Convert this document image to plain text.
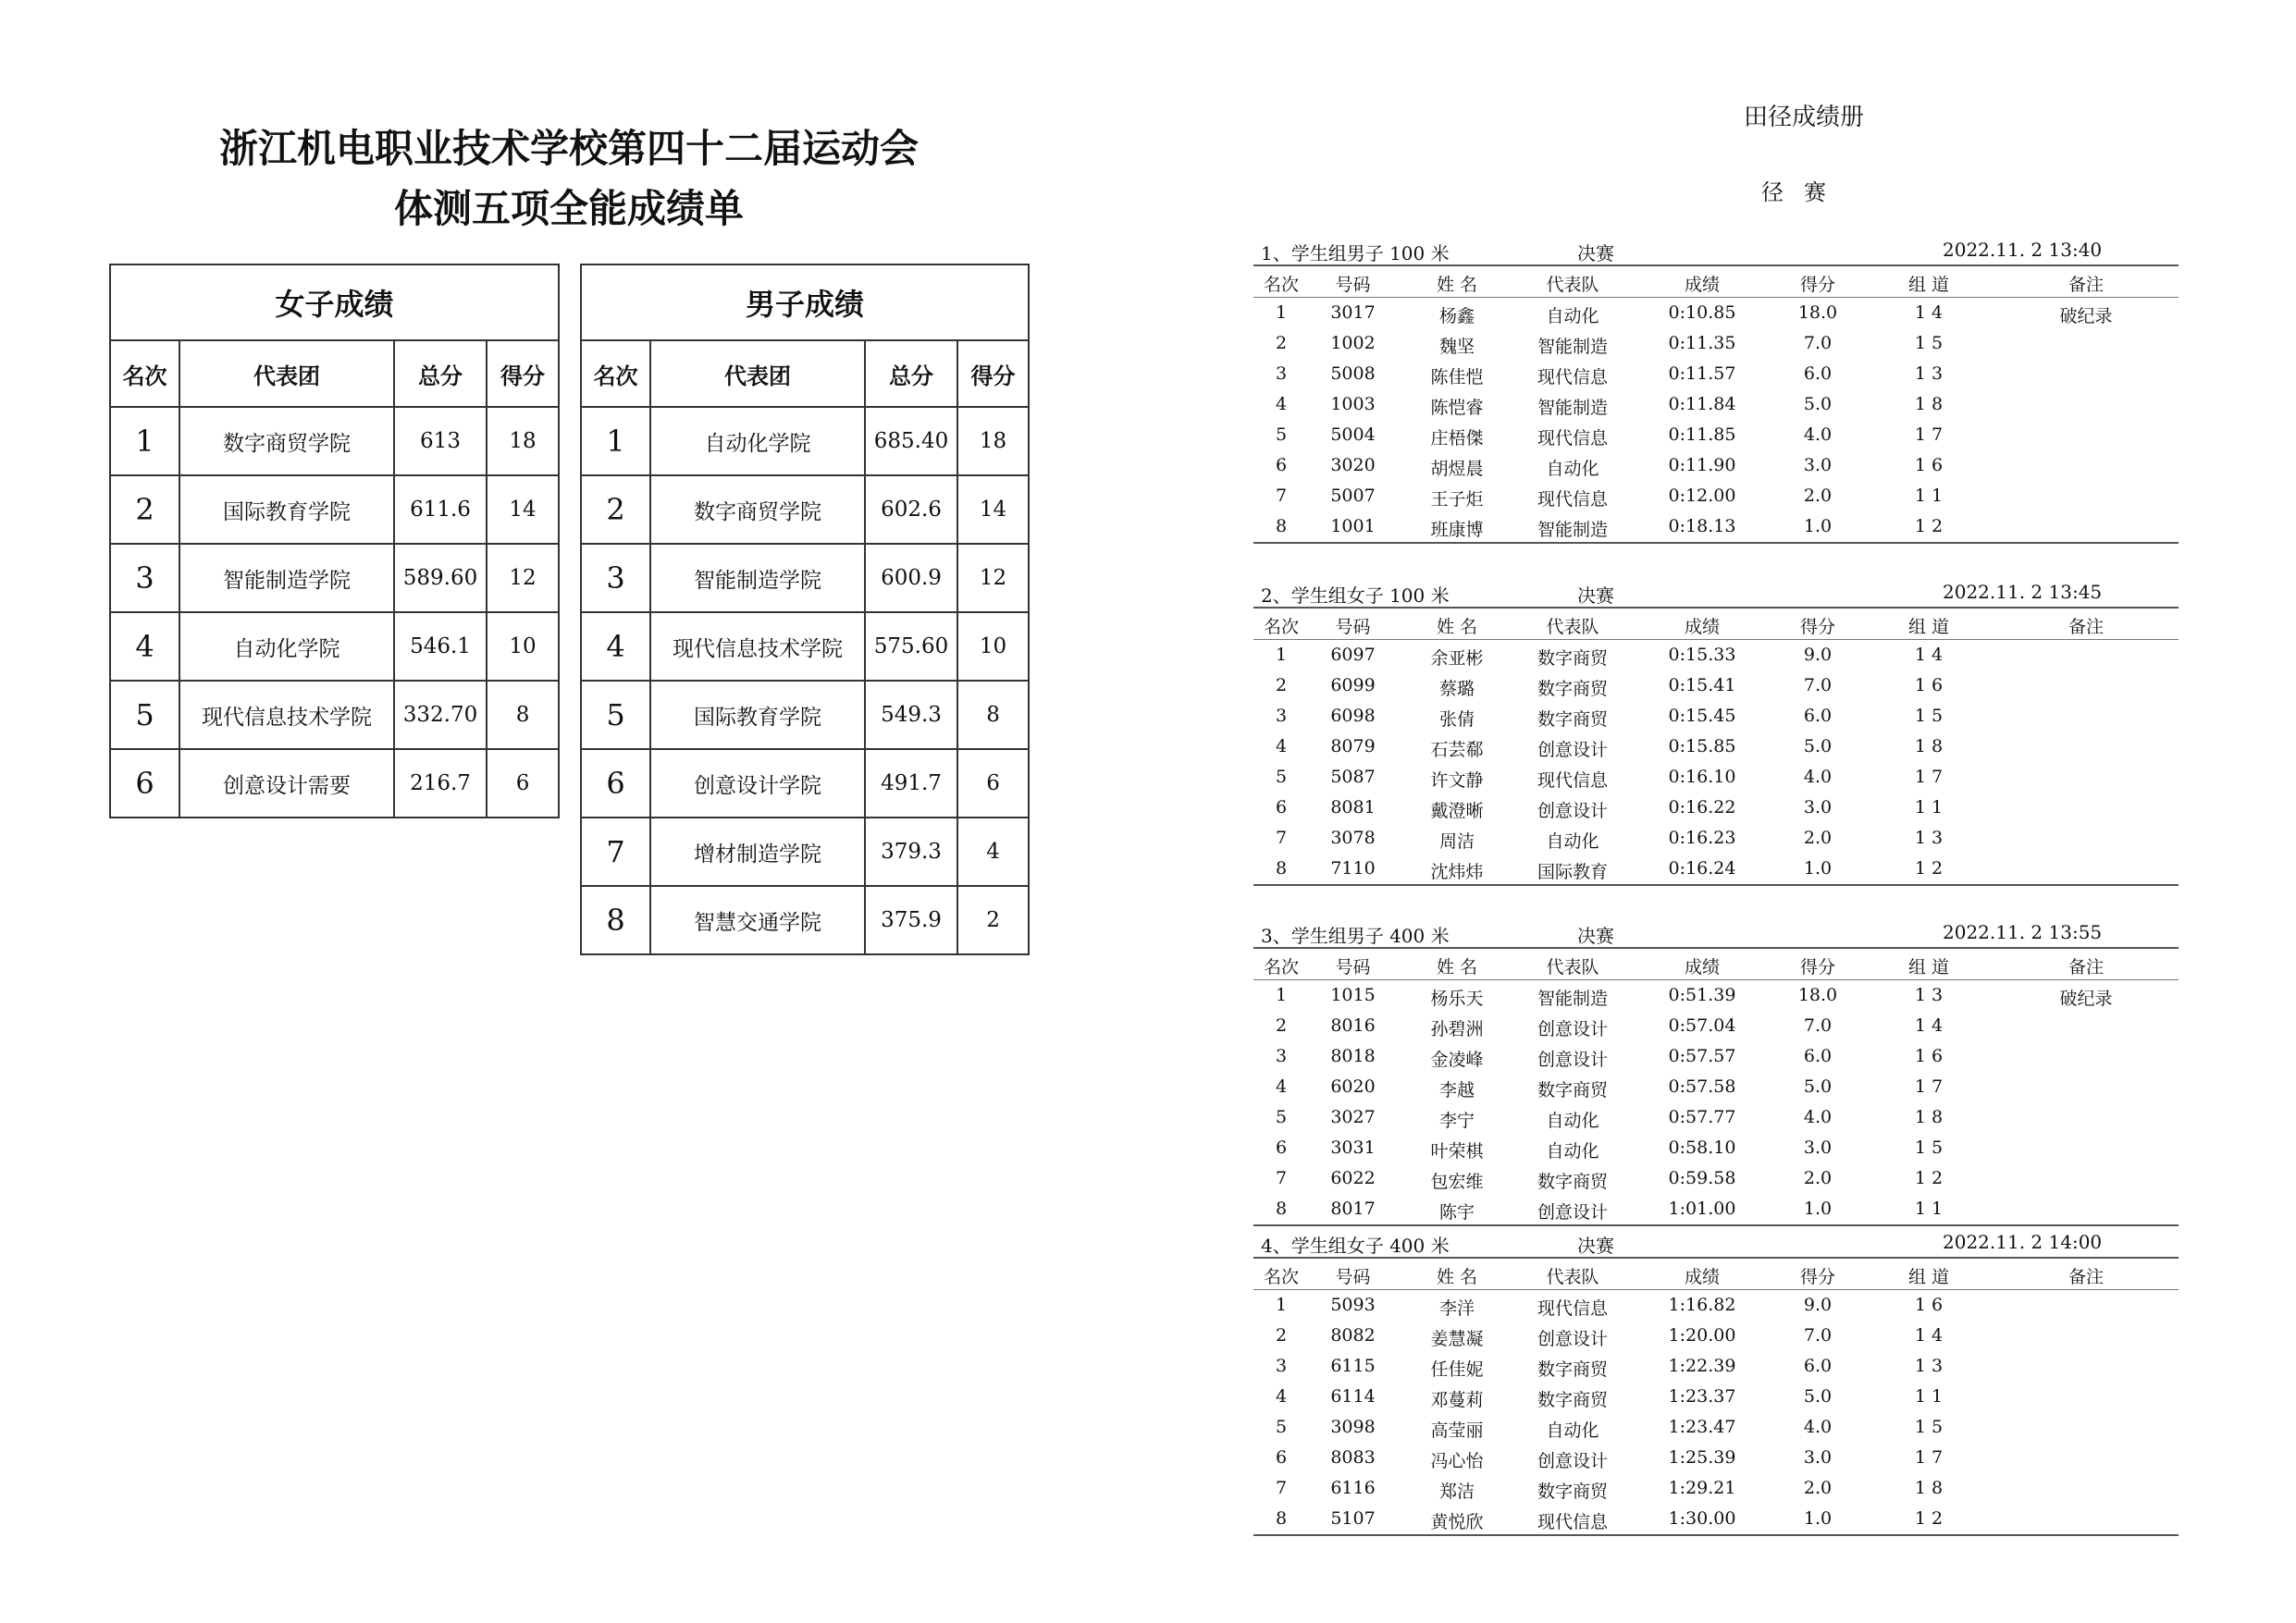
浙江机电职业技术学校第四十二届运动会
体测五项全能成绩单
女子成绩			
名次	代表团	总分	得分
1	数字商贸学院	613	18
2	国际教育学院	611.6	14
3	智能制造学院	589.60	12
4	自动化学院	546.1	10
5	现代信息技术学院	332.70	8
6	创意设计需要	216.7	6
男子成绩			
名次	代表团	总分	得分
1	自动化学院	685.40	18
2	数字商贸学院	602.6	14
3	智能制造学院	600.9	12
4	现代信息技术学院	575.60	10
5	国际教育学院	549.3	8
6	创意设计学院	491.7	6
7	增材制造学院	379.3	4
8	智慧交通学院	375.9	2
田径成绩册
径赛
1、学生组男子 100 米	决赛	2022.11. 2 13:40
名次	号码	姓 名	代表队	成绩	得分	组 道	备注
1	3017	杨鑫	自动化	0:10.85	18.0	1 4	破纪录
2	1002	魏坚	智能制造	0:11.35	7.0	1 5
3	5008	陈佳恺	现代信息	0:11.57	6.0	1 3
4	1003	陈恺睿	智能制造	0:11.84	5.0	1 8
5	5004	庄梧傑	现代信息	0:11.85	4.0	1 7
6	3020	胡煜晨	自动化	0:11.90	3.0	1 6
7	5007	王子炬	现代信息	0:12.00	2.0	1 1
8	1001	班康博	智能制造	0:18.13	1.0	1 2
2、学生组女子 100 米	决赛	2022.11. 2 13:45
名次	号码	姓 名	代表队	成绩	得分	组 道	备注
1	6097	余亚彬	数字商贸	0:15.33	9.0	1 4
2	6099	蔡璐	数字商贸	0:15.41	7.0	1 6
3	6098	张倩	数字商贸	0:15.45	6.0	1 5
4	8079	石芸郗	创意设计	0:15.85	5.0	1 8
5	5087	许文静	现代信息	0:16.10	4.0	1 7
6	8081	戴澄晰	创意设计	0:16.22	3.0	1 1
7	3078	周洁	自动化	0:16.23	2.0	1 3
8	7110	沈炜炜	国际教育	0:16.24	1.0	1 2
3、学生组男子 400 米	决赛	2022.11. 2 13:55
名次	号码	姓 名	代表队	成绩	得分	组 道	备注
1	1015	杨乐天	智能制造	0:51.39	18.0	1 3	破纪录
2	8016	孙碧洲	创意设计	0:57.04	7.0	1 4
3	8018	金凌峰	创意设计	0:57.57	6.0	1 6
4	6020	李越	数字商贸	0:57.58	5.0	1 7
5	3027	李宁	自动化	0:57.77	4.0	1 8
6	3031	叶荣棋	自动化	0:58.10	3.0	1 5
7	6022	包宏维	数字商贸	0:59.58	2.0	1 2
8	8017	陈宇	创意设计	1:01.00	1.0	1 1
4、学生组女子 400 米	决赛	2022.11. 2 14:00
名次	号码	姓 名	代表队	成绩	得分	组 道	备注
1	5093	李洋	现代信息	1:16.82	9.0	1 6
2	8082	姜慧凝	创意设计	1:20.00	7.0	1 4
3	6115	任佳妮	数字商贸	1:22.39	6.0	1 3
4	6114	邓蔓莉	数字商贸	1:23.37	5.0	1 1
5	3098	高莹丽	自动化	1:23.47	4.0	1 5
6	8083	冯心怡	创意设计	1:25.39	3.0	1 7
7	6116	郑洁	数字商贸	1:29.21	2.0	1 8
8	5107	黄悦欣	现代信息	1:30.00	1.0	1 2
